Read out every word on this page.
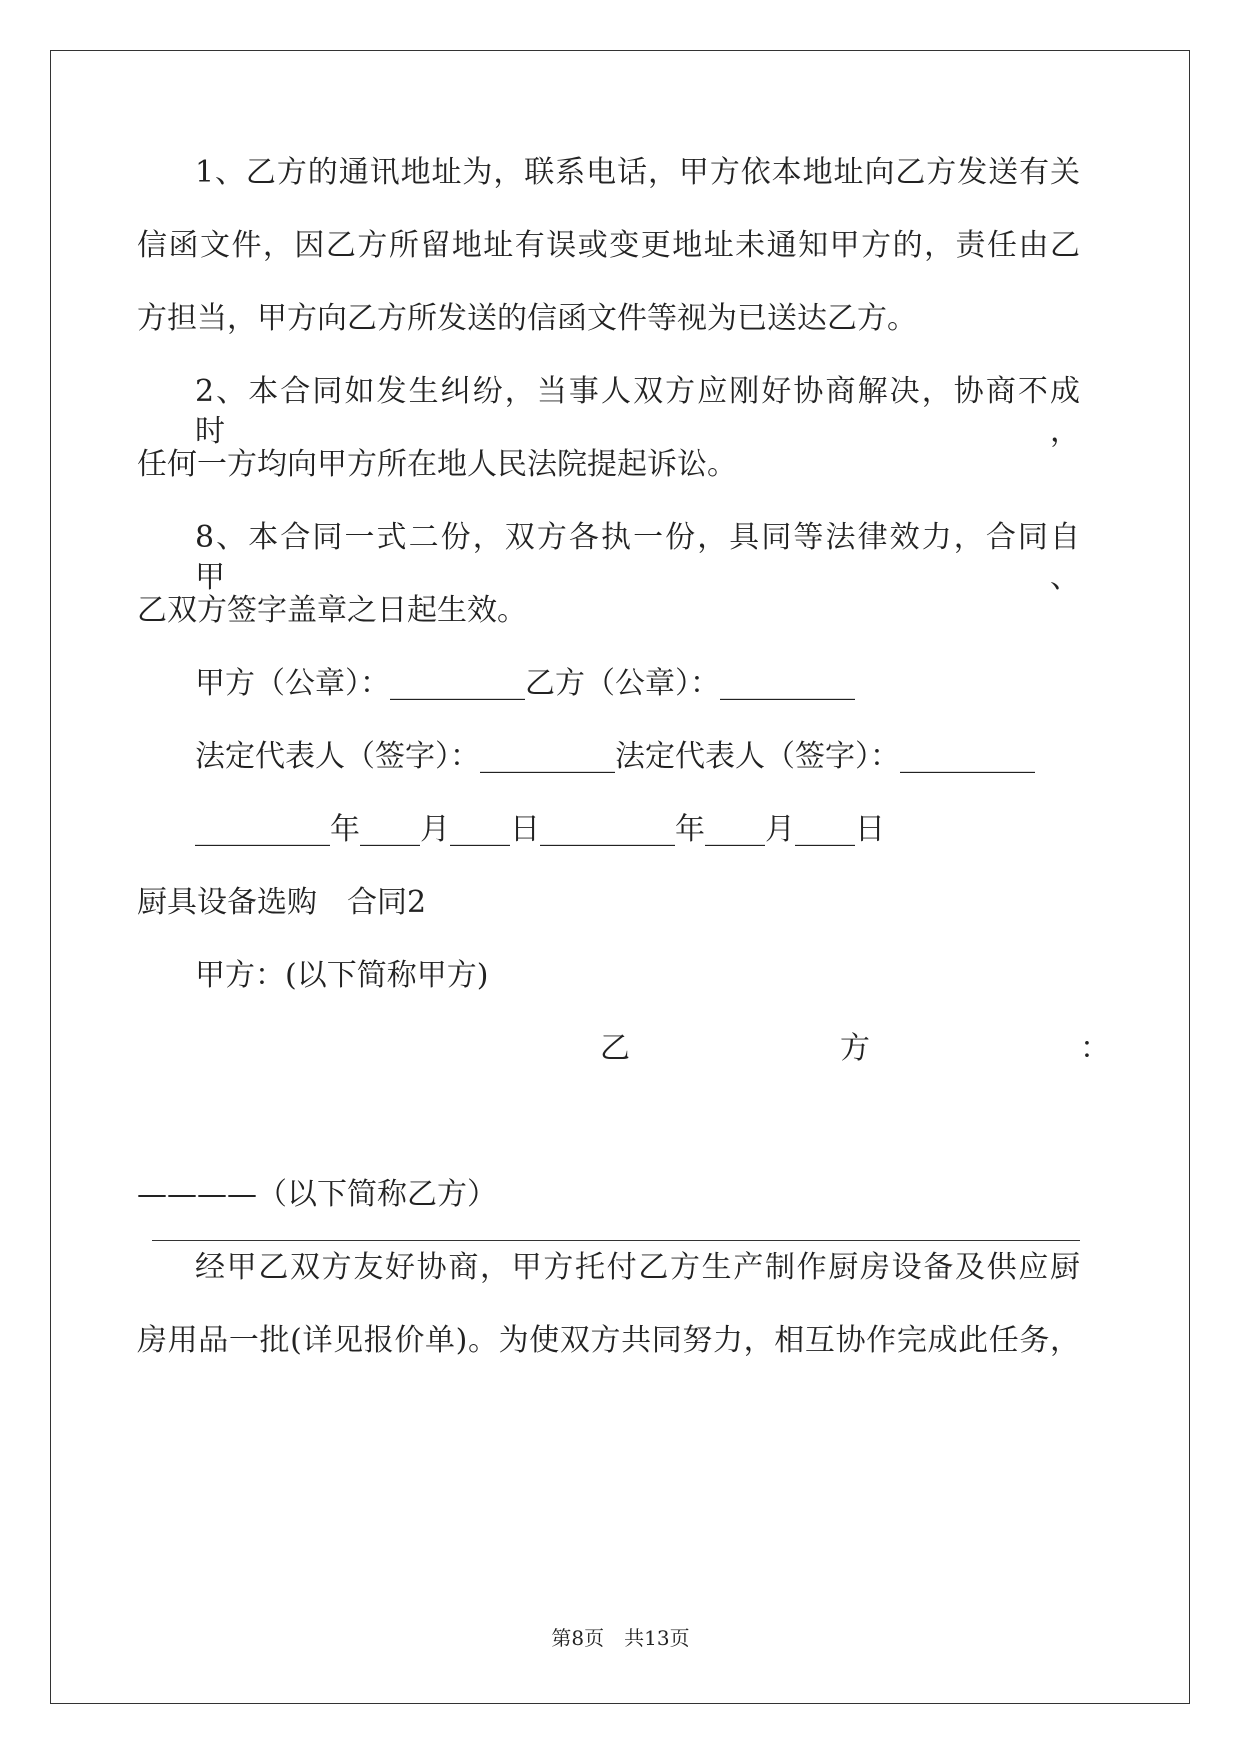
1、乙方的通讯地址为，联系电话，甲方依本地址向乙方发送有关
信函文件，因乙方所留地址有误或变更地址未通知甲方的，责任由乙
方担当，甲方向乙方所发送的信函文件等视为已送达乙方。
2、本合同如发生纠纷，当事人双方应刚好协商解决，协商不成时，
任何一方均向甲方所在地人民法院提起诉讼。
8、本合同一式二份，双方各执一份，具同等法律效力，合同自甲、
乙双方签字盖章之日起生效。
甲方（公章）：_________乙方（公章）：_________
法定代表人（签字）：_________法定代表人（签字）：_________
_________年____月____日_________年____月____日
厨具设备选购　合同2
甲方：(以下简称甲方)
乙　　　　　　　方　　　　　　　：
————（以下简称乙方）
经甲乙双方友好协商，甲方托付乙方生产制作厨房设备及供应厨
房用品一批(详见报价单)。为使双方共同努力，相互协作完成此任务，
第8页　共13页
